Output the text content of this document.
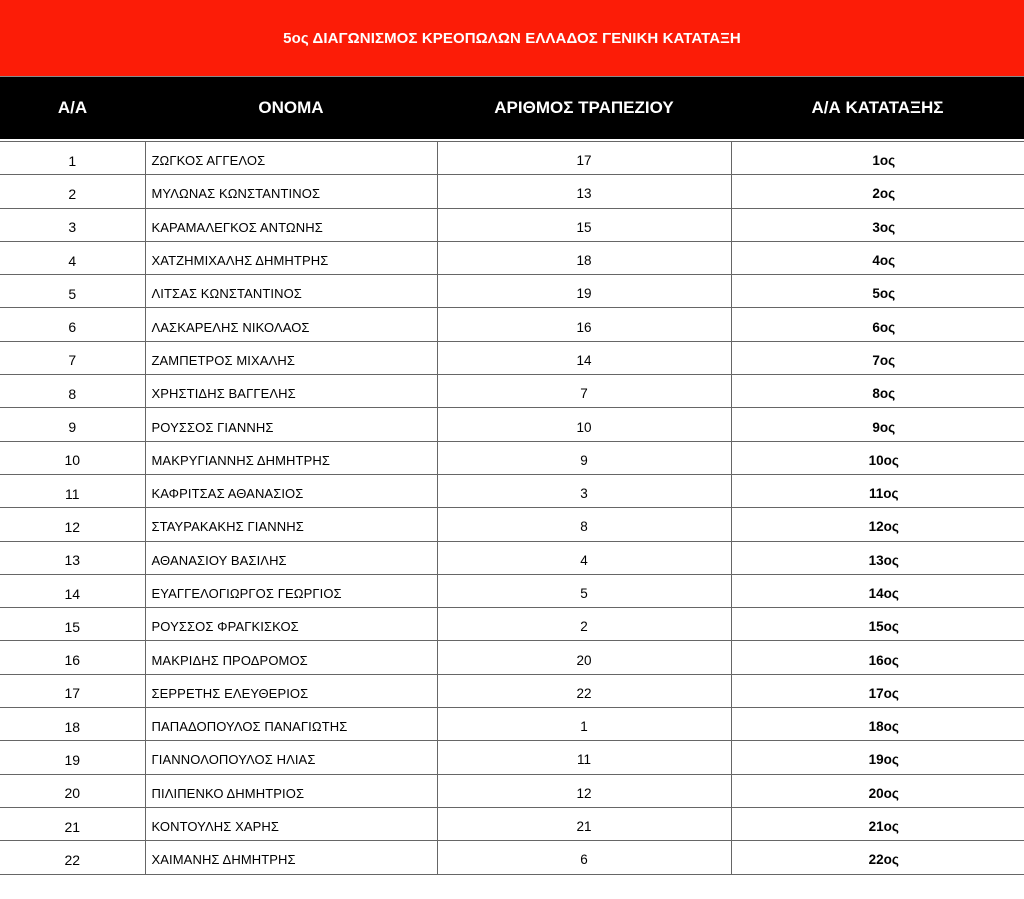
5ος ΔΙΑΓΩΝΙΣΜΟΣ ΚΡΕΟΠΩΛΩΝ ΕΛΛΑΔΟΣ ΓΕΝΙΚΗ ΚΑΤΑΤΑΞΗ
Α/Α	ΟΝΟΜΑ	ΑΡΙΘΜΟΣ ΤΡΑΠΕΖΙΟΥ	Α/Α ΚΑΤΑΤΑΞΗΣ
1	ΖΩΓΚΟΣ ΑΓΓΕΛΟΣ	17	1ος
2	ΜΥΛΩΝΑΣ ΚΩΝΣΤΑΝΤΙΝΟΣ	13	2ος
3	ΚΑΡΑΜΑΛΕΓΚΟΣ ΑΝΤΩΝΗΣ	15	3ος
4	ΧΑΤΖΗΜΙΧΑΛΗΣ ΔΗΜΗΤΡΗΣ	18	4ος
5	ΛΙΤΣΑΣ ΚΩΝΣΤΑΝΤΙΝΟΣ	19	5ος
6	ΛΑΣΚΑΡΕΛΗΣ ΝΙΚΟΛΑΟΣ	16	6ος
7	ΖΑΜΠΕΤΡΟΣ ΜΙΧΑΛΗΣ	14	7ος
8	ΧΡΗΣΤΙΔΗΣ ΒΑΓΓΕΛΗΣ	7	8ος
9	ΡΟΥΣΣΟΣ ΓΙΑΝΝΗΣ	10	9ος
10	ΜΑΚΡΥΓΙΑΝΝΗΣ ΔΗΜΗΤΡΗΣ	9	10ος
11	ΚΑΦΡΙΤΣΑΣ ΑΘΑΝΑΣΙΟΣ	3	11ος
12	ΣΤΑΥΡΑΚΑΚΗΣ ΓΙΑΝΝΗΣ	8	12ος
13	ΑΘΑΝΑΣΙΟΥ ΒΑΣΙΛΗΣ	4	13ος
14	ΕΥΑΓΓΕΛΟΓΙΩΡΓΟΣ ΓΕΩΡΓΙΟΣ	5	14ος
15	ΡΟΥΣΣΟΣ ΦΡΑΓΚΙΣΚΟΣ	2	15ος
16	ΜΑΚΡΙΔΗΣ ΠΡΟΔΡΟΜΟΣ	20	16ος
17	ΣΕΡΡΕΤΗΣ ΕΛΕΥΘΕΡΙΟΣ	22	17ος
18	ΠΑΠΑΔΟΠΟΥΛΟΣ ΠΑΝΑΓΙΩΤΗΣ	1	18ος
19	ΓΙΑΝΝΟΛΟΠΟΥΛΟΣ ΗΛΙΑΣ	11	19ος
20	ΠΙΛΙΠΕΝΚΟ ΔΗΜΗΤΡΙΟΣ	12	20ος
21	ΚΟΝΤΟΥΛΗΣ ΧΑΡΗΣ	21	21ος
22	ΧΑΙΜΑΝΗΣ ΔΗΜΗΤΡΗΣ	6	22ος
